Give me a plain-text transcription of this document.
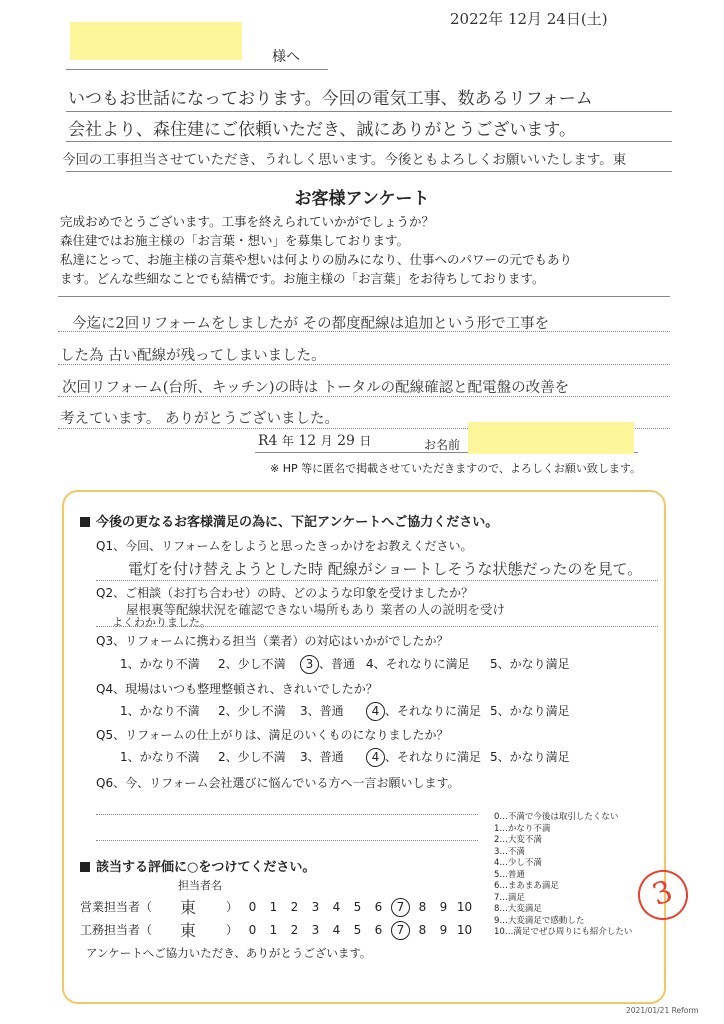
2022年 12月 24日(土)
様へ
いつもお世話になっております。今回の電気工事、数あるリフォーム
会社より、森住建にご依頼いただき、誠にありがとうございます。
今回の工事担当させていただき、うれしく思います。今後ともよろしくお願いいたします。東
お客様アンケート
完成おめでとうございます。工事を終えられていかがでしょうか？
森住建ではお施主様の「お言葉・想い」を募集しております。
私達にとって、お施主様の言葉や想いは何よりの励みになり、仕事へのパワーの元でもあり
ます。どんな些細なことでも結構です。お施主様の「お言葉」をお待ちしております。
今迄に2回リフォームをしましたが その都度配線は追加という形で工事を
した為 古い配線が残ってしまいました。
次回リフォーム(台所、キッチン)の時は トータルの配線確認と配電盤の改善を
考えています。 ありがとうございました。
R4 年 12 月 29 日	お名前
※ HP 等に匿名で掲載させていただきますので、よろしくお願い致します。
今後の更なるお客様満足の為に、下記アンケートへご協力ください。
Q1、今回、リフォームをしようと思ったきっかけをお教えください。
電灯を付け替えようとした時 配線がショートしそうな状態だったのを見て。
Q2、ご相談（お打ち合わせ）の時、どのような印象を受けましたか？
屋根裏等配線状況を確認できない場所もあり 業者の人の説明を受け
よくわかりました。
Q3、リフォームに携わる担当（業者）の対応はいかがでしたか？
1、かなり不満 2、少し不満	3 、普通 4、それなりに満足 5、かなり満足
Q4、現場はいつも整理整頓され、きれいでしたか？
1、かなり不満 2、少し不満 3、普通	4 、それなりに満足 5、かなり満足
Q5、リフォームの仕上がりは、満足のいくものになりましたか？
1、かなり不満 2、少し不満 3、普通	4 、それなりに満足 5、かなり満足
Q6、今、リフォーム会社選びに悩んでいる方へ一言お願いします。
0…不満で今後は取引したくない
1…かなり不満
2…大変不満
3…不満
4…少し不満
5…普通
6…まあまあ満足
7…満足
8…大変満足
9…大変満足で感動した
10…満足でぜひ周りにも紹介したい
該当する評価に○をつけてください。
担当者名
営業担当者（ 東 ） 0 1 2 3 4 5 6 7 8 9 10
工務担当者（ 東 ） 0 1 2 3 4 5 6 7 8 9 10
アンケートへご協力いただき、ありがとうございます。
3
2021/01/21 Reform
